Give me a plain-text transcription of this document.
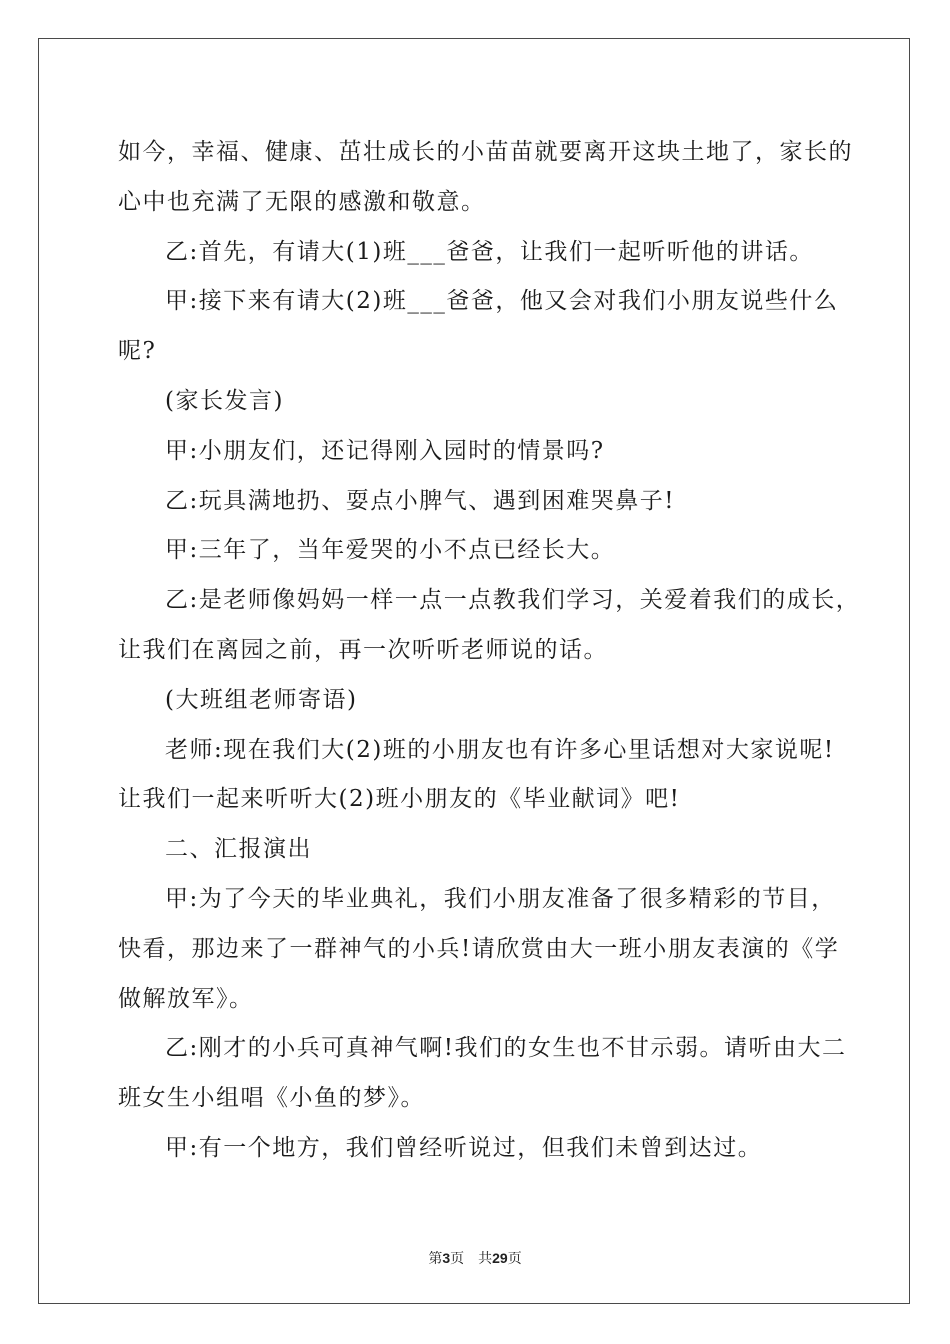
如今，幸福、健康、茁壮成长的小苗苗就要离开这块土地了，家长的

心中也充满了无限的感激和敬意。

乙:首先，有请大(1)班___爸爸，让我们一起听听他的讲话。

甲:接下来有请大(2)班___爸爸，他又会对我们小朋友说些什么

呢?

(家长发言)

甲:小朋友们，还记得刚入园时的情景吗?

乙:玩具满地扔、耍点小脾气、遇到困难哭鼻子!

甲:三年了，当年爱哭的小不点已经长大。

乙:是老师像妈妈一样一点一点教我们学习，关爱着我们的成长，

让我们在离园之前，再一次听听老师说的话。

(大班组老师寄语)

老师:现在我们大(2)班的小朋友也有许多心里话想对大家说呢!

让我们一起来听听大(2)班小朋友的《毕业献词》吧!

二、汇报演出

甲:为了今天的毕业典礼，我们小朋友准备了很多精彩的节目，

快看，那边来了一群神气的小兵!请欣赏由大一班小朋友表演的《学

做解放军》。

乙:刚才的小兵可真神气啊!我们的女生也不甘示弱。请听由大二

班女生小组唱《小鱼的梦》。

甲:有一个地方，我们曾经听说过，但我们未曾到达过。

第3页 共29页
